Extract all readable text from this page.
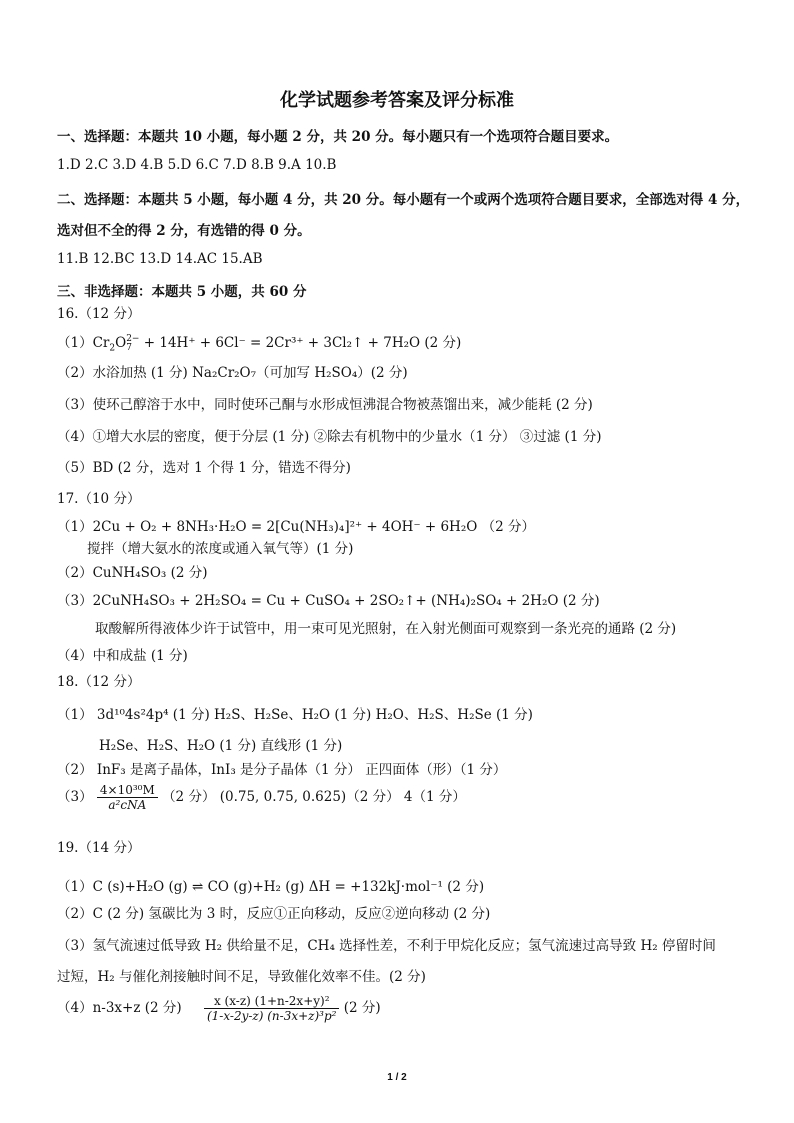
化学试题参考答案及评分标准
一、选择题：本题共 10 小题，每小题 2 分，共 20 分。每小题只有一个选项符合题目要求。
1.D 2.C 3.D 4.B 5.D 6.C 7.D 8.B 9.A 10.B
二、选择题：本题共 5 小题，每小题 4 分，共 20 分。每小题有一个或两个选项符合题目要求，全部选对得 4 分，
选对但不全的得 2 分，有选错的得 0 分。
11.B 12.BC 13.D 14.AC 15.AB
三、非选择题：本题共 5 小题，共 60 分
16.（12 分）
$(1)Cr_2O$ 2−
7 + 14H⁺ + 6Cl⁻ = 2Cr³⁺ + 3Cl₂↑ + 7H₂O (2 分)
（2）水浴加热 (1 分) Na₂Cr₂O₇（可加写 H₂SO₄）(2 分)
（3）使环己醇溶于水中，同时使环己酮与水形成恒沸混合物被蒸馏出来，减少能耗 (2 分)
（4）①增大水层的密度，便于分层 (1 分) ②除去有机物中的少量水（1 分） ③过滤 (1 分)
（5）BD (2 分，选对 1 个得 1 分，错选不得分)
17.（10 分）
（1）2Cu + O₂ + 8NH₃·H₂O = 2[Cu(NH₃)₄]²⁺ + 4OH⁻ + 6H₂O （2 分）
搅拌（增大氨水的浓度或通入氧气等）(1 分)
（2）CuNH₄SO₃ (2 分)
（3）2CuNH₄SO₃ + 2H₂SO₄ = Cu + CuSO₄ + 2SO₂↑+ (NH₄)₂SO₄ + 2H₂O (2 分)
取酸解所得液体少许于试管中，用一束可见光照射，在入射光侧面可观察到一条光亮的通路 (2 分)
（4）中和成盐 (1 分)
18.（12 分）
（1） 3d¹⁰4s²4p⁴ (1 分) H₂S、H₂Se、H₂O (1 分) H₂O、H₂S、H₂Se (1 分)
H₂Se、H₂S、H₂O (1 分) 直线形 (1 分)
（2） InF₃ 是离子晶体，InI₃ 是分子晶体（1 分） 正四面体（形）（1 分）
$(3) \frac{\text{4×10³⁰M}}{\text{a²cNA}} (2$ 分） (0.75, 0.75, 0.625)（2 分） 4（1 分）
19.（14 分）
（1）C (s)+H₂O (g) ⇌ CO (g)+H₂ (g) ΔH = +132kJ·mol⁻¹ (2 分)
（2）C (2 分) 氢碳比为 3 时，反应①正向移动，反应②逆向移动 (2 分)
（3）氢气流速过低导致 H₂ 供给量不足，CH₄ 选择性差，不利于甲烷化反应；氢气流速过高导致 H₂ 停留时间
过短，H₂ 与催化剂接触时间不足，导致催化效率不佳。(2 分)
（4）n-3x+z (2 分) $\frac{\text{x (x-z) (1+n-2x+y)²}}{\text{(1-x-2y-z) (n-3x+z)³p²}} (2$ 分)
1 / 2
